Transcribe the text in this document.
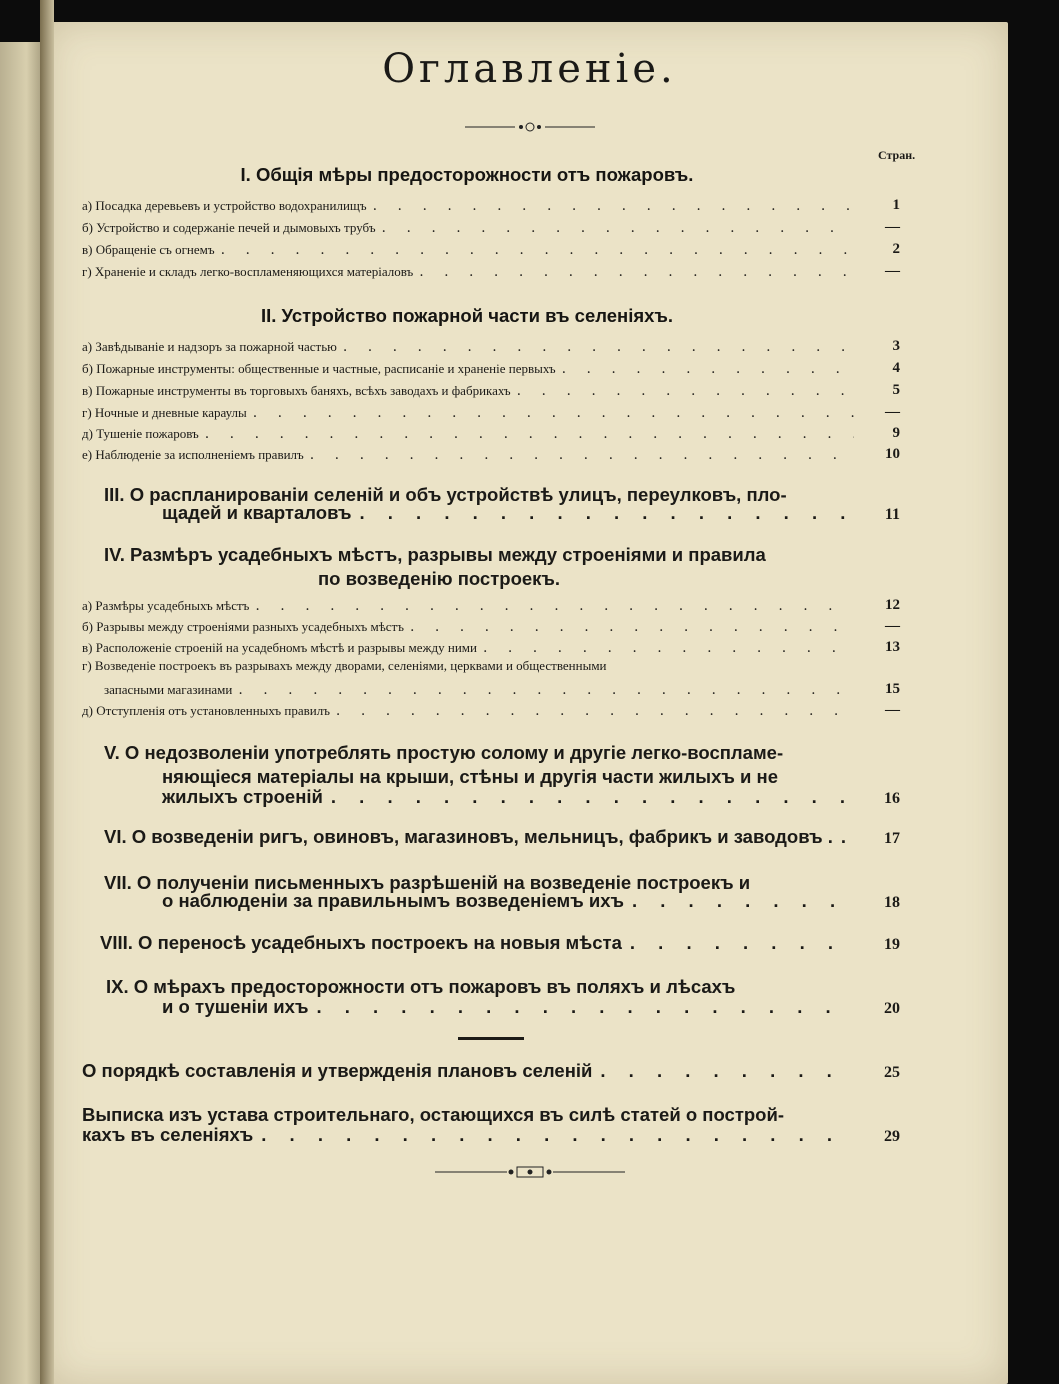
Оглавленіе.
Стран.
I. Общія мѣры предосторожности отъ пожаровъ.
а) Посадка деревьевъ и устройство водохранилищъ . . .	1
б) Устройство и содержаніе печей и дымовыхъ трубъ . . .	—
в) Обращеніе съ огнемъ . . .	2
г) Храненіе и складъ легко-воспламеняющихся матеріаловъ . . .	—
II. Устройство пожарной части въ селеніяхъ.
а) Завѣдываніе и надзоръ за пожарной частью . . .	3
б) Пожарные инструменты: общественные и частные, расписаніе и храненіе первыхъ . . .	4
в) Пожарные инструменты въ торговыхъ баняхъ, всѣхъ заводахъ и фабрикахъ . . .	5
г) Ночные и дневные караулы . . .	—
д) Тушеніе пожаровъ . . .	9
е) Наблюденіе за исполненіемъ правилъ . . .	10
III. О распланированіи селеній и объ устройствѣ улицъ, переулковъ, пло-
щадей и кварталовъ . . .	11
IV. Размѣръ усадебныхъ мѣстъ, разрывы между строеніями и правила
по возведенію построекъ.
а) Размѣры усадебныхъ мѣстъ . . .	12
б) Разрывы между строеніями разныхъ усадебныхъ мѣстъ . . .	—
в) Расположеніе строеній на усадебномъ мѣстѣ и разрывы между ними . . .	13
г) Возведеніе построекъ въ разрывахъ между дворами, селеніями, церквами и общественными
запасными магазинами . . .	15
д) Отступленія отъ установленныхъ правилъ . . .	—
V. О недозволеніи употреблять простую солому и другіе легко-воспламе-
няющіеся матеріалы на крыши, стѣны и другія части жилыхъ и не
жилыхъ строеній . . .	16
VI. О возведеніи ригъ, овиновъ, магазиновъ, мельницъ, фабрикъ и заводовъ . . . .	17
VII. О полученіи письменныхъ разрѣшеній на возведеніе построекъ и
о наблюденіи за правильнымъ возведеніемъ ихъ . . .	18
VIII. О переносѣ усадебныхъ построекъ на новыя мѣста . . .	19
IX. О мѣрахъ предосторожности отъ пожаровъ въ поляхъ и лѣсахъ
и о тушеніи ихъ . . .	20
О порядкѣ составленія и утвержденія плановъ селеній . . .	25
Выписка изъ устава строительнаго, остающихся въ силѣ статей о построй-
кахъ въ селеніяхъ . . .	29
